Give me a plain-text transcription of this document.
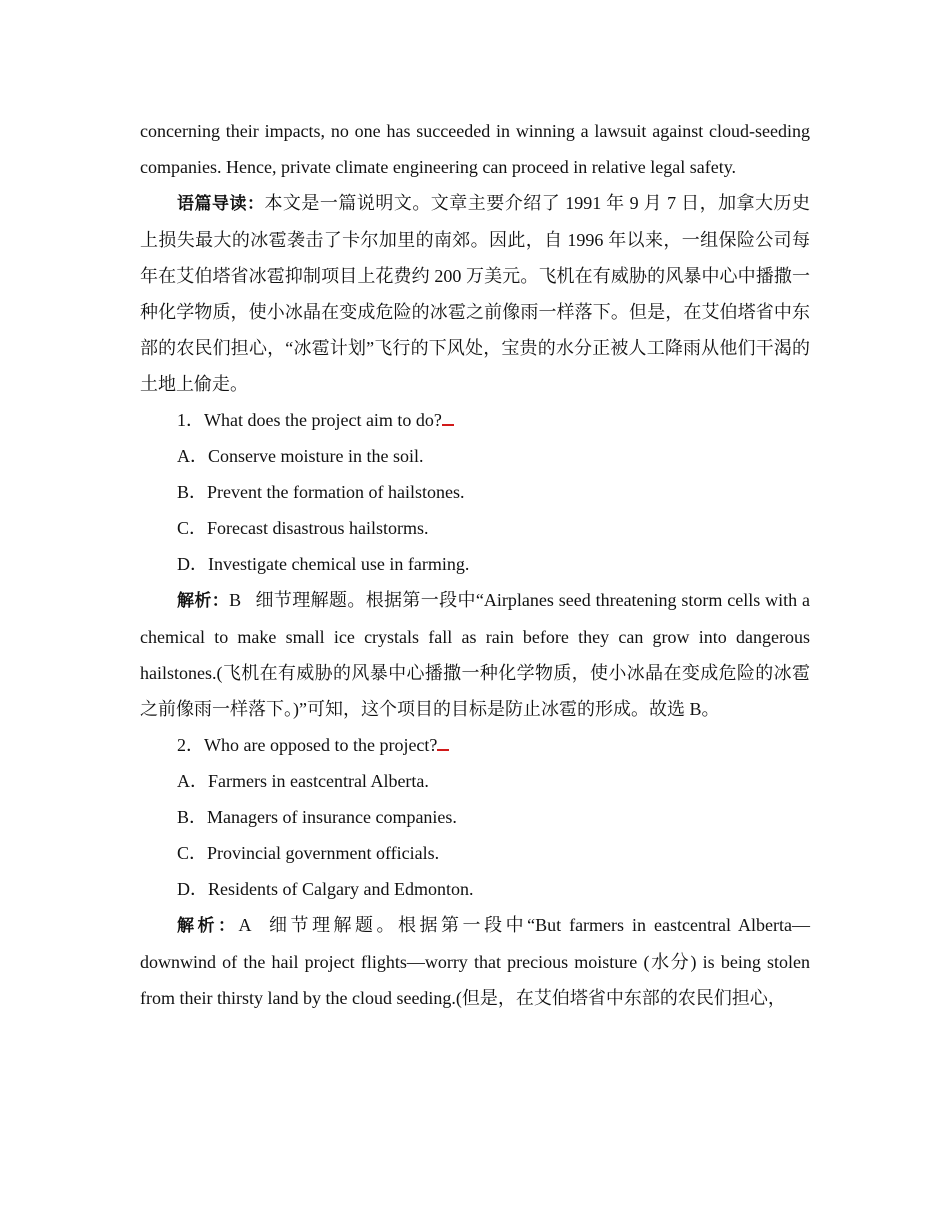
concerning their impacts, no one has succeeded in winning a lawsuit against cloud-seeding companies. Hence, private climate engineering can proceed in relative legal safety.

语篇导读：本文是一篇说明文。文章主要介绍了 1991 年 9 月 7 日，加拿大历史上损失最大的冰雹袭击了卡尔加里的南郊。因此，自 1996 年以来，一组保险公司每年在艾伯塔省冰雹抑制项目上花费约 200 万美元。飞机在有威胁的风暴中心中播撒一种化学物质，使小冰晶在变成危险的冰雹之前像雨一样落下。但是，在艾伯塔省中东部的农民们担心，“冰雹计划”飞行的下风处，宝贵的水分正被人工降雨从他们干渴的土地上偷走。

1．What does the project aim to do?

A．Conserve moisture in the soil.

B．Prevent the formation of hailstones.

C．Forecast disastrous hailstorms.

D．Investigate chemical use in farming.

解析：B 细节理解题。根据第一段中“Airplanes seed threatening storm cells with a chemical to make small ice crystals fall as rain before they can grow into dangerous hailstones.(飞机在有威胁的风暴中心播撒一种化学物质，使小冰晶在变成危险的冰雹之前像雨一样落下。)”可知，这个项目的目标是防止冰雹的形成。故选 B。

2．Who are opposed to the project?

A．Farmers in eastcentral Alberta.

B．Managers of insurance companies.

C．Provincial government officials.

D．Residents of Calgary and Edmonton.

解析：A 细节理解题。根据第一段中“But farmers in eastcentral Alberta—downwind of the hail project flights—worry that precious moisture (水分) is being stolen from their thirsty land by the cloud seeding.(但是，在艾伯塔省中东部的农民们担心，
